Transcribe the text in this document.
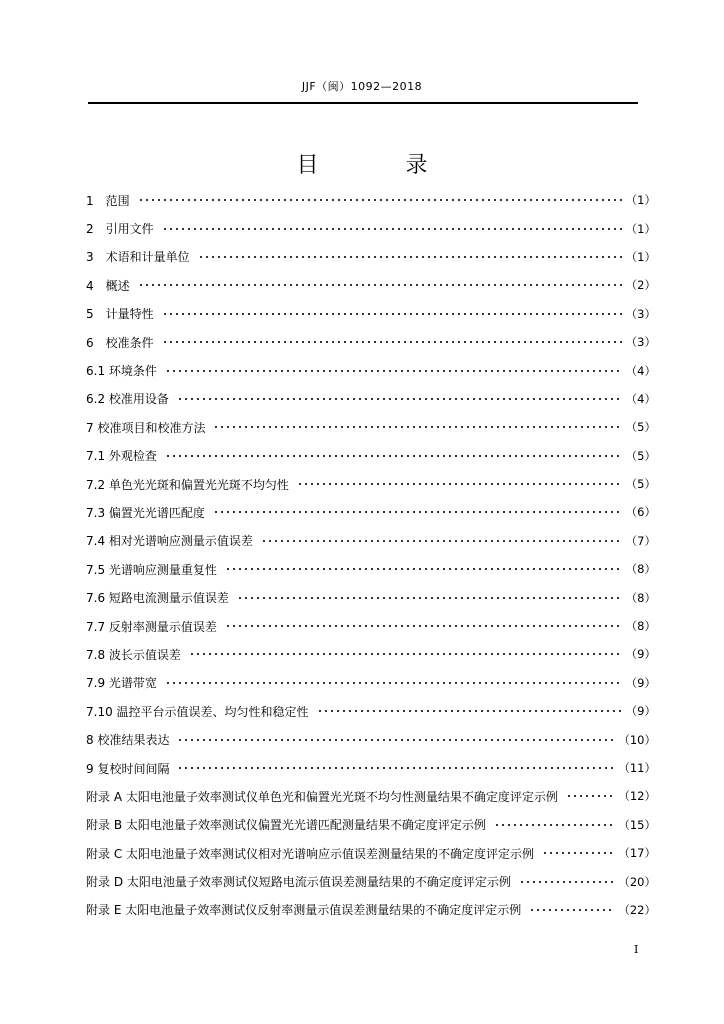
JJF（闽）1092—2018
目 录
1　范围	（1）
2　引用文件	（1）
3　术语和计量单位	（1）
4　概述	（2）
5　计量特性	（3）
6　校准条件	（3）
6.1 环境条件	（4）
6.2 校准用设备	（4）
7 校准项目和校准方法	（5）
7.1 外观检查	（5）
7.2 单色光光斑和偏置光光斑不均匀性	（5）
7.3 偏置光光谱匹配度	（6）
7.4 相对光谱响应测量示值误差	（7）
7.5 光谱响应测量重复性	（8）
7.6 短路电流测量示值误差	（8）
7.7 反射率测量示值误差	（8）
7.8 波长示值误差	（9）
7.9 光谱带宽	（9）
7.10 温控平台示值误差、均匀性和稳定性	（9）
8 校准结果表达	（10）
9 复校时间间隔	（11）
附录 A 太阳电池量子效率测试仪单色光和偏置光光斑不均匀性测量结果不确定度评定示例	（12）
附录 B 太阳电池量子效率测试仪偏置光光谱匹配测量结果不确定度评定示例	（15）
附录 C 太阳电池量子效率测试仪相对光谱响应示值误差测量结果的不确定度评定示例	（17）
附录 D 太阳电池量子效率测试仪短路电流示值误差测量结果的不确定度评定示例	（20）
附录 E 太阳电池量子效率测试仪反射率测量示值误差测量结果的不确定度评定示例	（22）
I
